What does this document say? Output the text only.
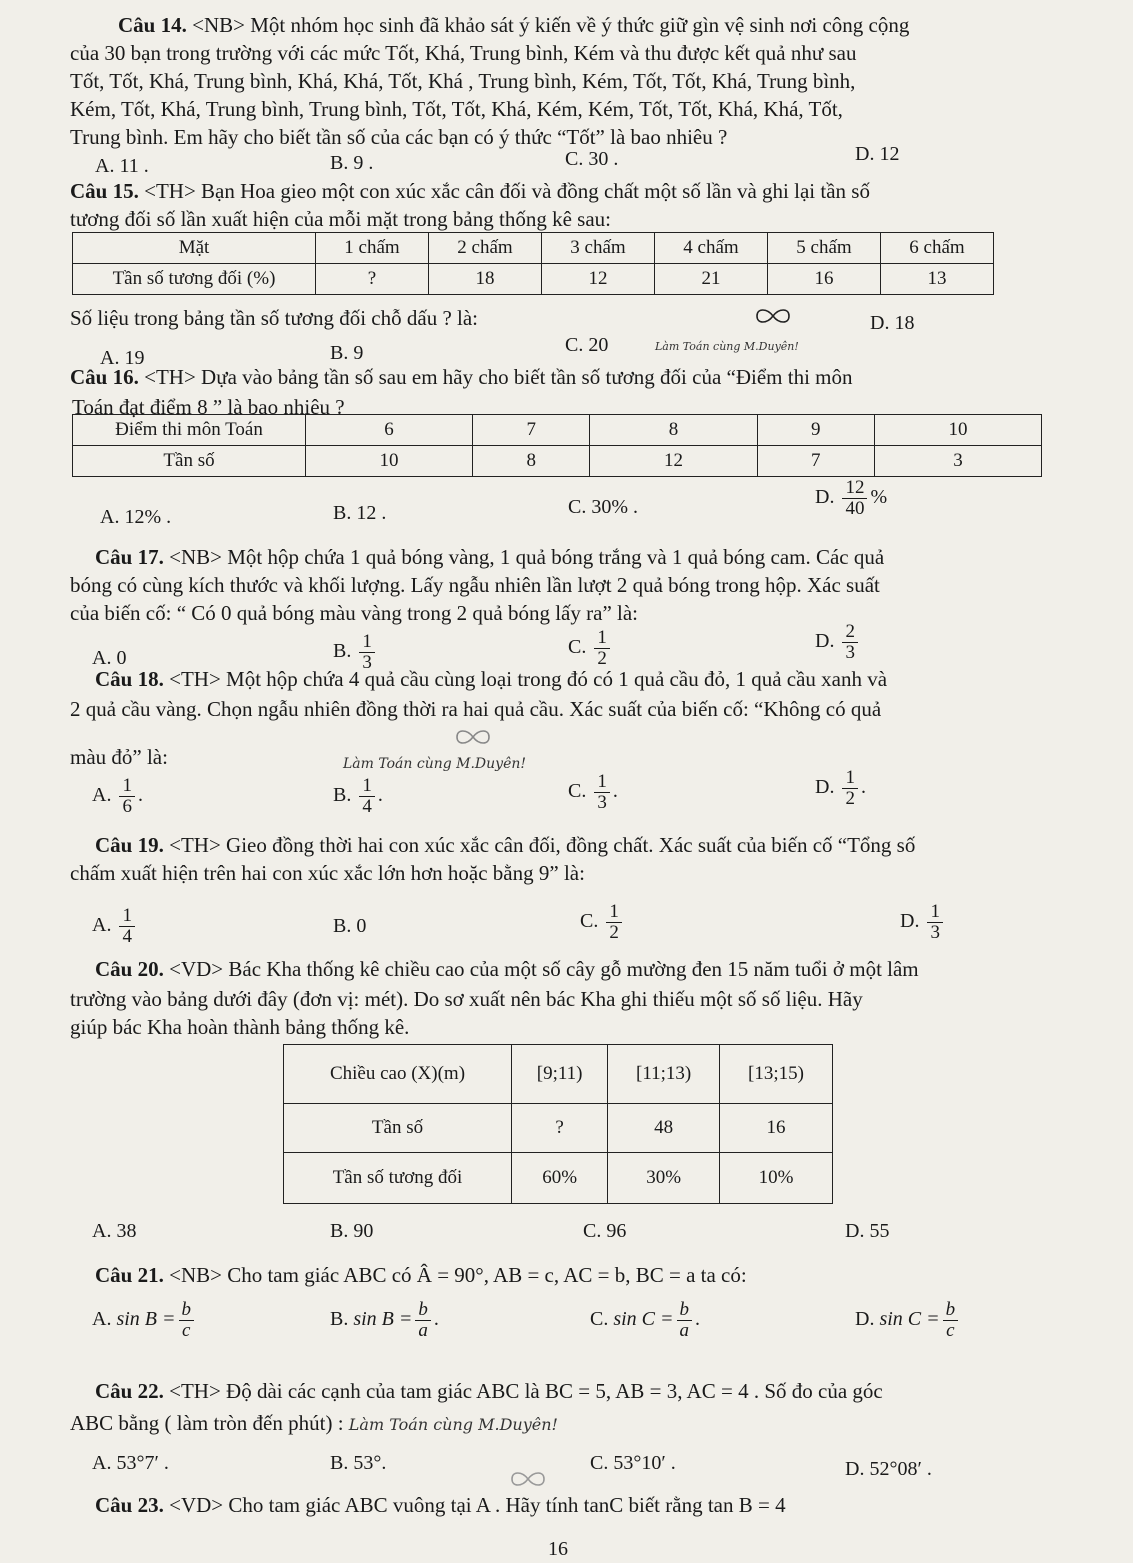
Câu 14. <NB> Một nhóm học sinh đã khảo sát ý kiến về ý thức giữ gìn vệ sinh nơi công cộng
của 30 bạn trong trường với các mức Tốt, Khá, Trung bình, Kém và thu được kết quả như sau
Tốt, Tốt, Khá, Trung bình, Khá, Khá, Tốt, Khá , Trung bình, Kém, Tốt, Tốt, Khá, Trung bình,
Kém, Tốt, Khá, Trung bình, Trung bình, Tốt, Tốt, Khá, Kém, Kém, Tốt, Tốt, Khá, Khá, Tốt,
Trung bình. Em hãy cho biết tần số của các bạn có ý thức “Tốt” là bao nhiêu ?
A. 11 .	B. 9 .	C. 30 .	D. 12
Câu 15. <TH> Bạn Hoa gieo một con xúc xắc cân đối và đồng chất một số lần và ghi lại tần số
tương đối số lần xuất hiện của mỗi mặt trong bảng thống kê sau:
Mặt	1 chấm	2 chấm	3 chấm	4 chấm	5 chấm	6 chấm
Tần số tương đối (%)	?	18	12	21	16	13
Số liệu trong bảng tần số tương đối chỗ dấu ? là:
A. 19	B. 9	C. 20
D. 18
Làm Toán cùng M.Duyên!
Câu 16. <TH> Dựa vào bảng tần số sau em hãy cho biết tần số tương đối của “Điểm thi môn
Toán đạt điểm 8 ” là bao nhiêu ?
Điểm thi môn Toán	6	7	8	9	10
Tần số	10	8	12	7	3
A. 12% .	B. 12 .	C. 30% .	D. $\frac{12}{40}$ %
Câu 17. <NB> Một hộp chứa 1 quả bóng vàng, 1 quả bóng trắng và 1 quả bóng cam. Các quả
bóng có cùng kích thước và khối lượng. Lấy ngẫu nhiên lần lượt 2 quả bóng trong hộp. Xác suất
của biến cố: “ Có 0 quả bóng màu vàng trong 2 quả bóng lấy ra” là:
A. 0	B. $\frac{1}{3}$	C. $\frac{1}{2}$	D. $\frac{2}{3}$
Câu 18. <TH> Một hộp chứa 4 quả cầu cùng loại trong đó có 1 quả cầu đỏ, 1 quả cầu xanh và
2 quả cầu vàng. Chọn ngẫu nhiên đồng thời ra hai quả cầu. Xác suất của biến cố: “Không có quả
màu đỏ” là:	Làm Toán cùng M.Duyên!
A. $\frac{1}{6}$ .	B. $\frac{1}{4}$ .	C. $\frac{1}{3}$ .	D. $\frac{1}{2}$ .
Câu 19. <TH> Gieo đồng thời hai con xúc xắc cân đối, đồng chất. Xác suất của biến cố “Tổng số
chấm xuất hiện trên hai con xúc xắc lớn hơn hoặc bằng 9” là:
A. $\frac{1}{4}$	B. 0	C. $\frac{1}{2}$	D. $\frac{1}{3}$
Câu 20. <VD> Bác Kha thống kê chiều cao của một số cây gỗ mường đen 15 năm tuổi ở một lâm
trường vào bảng dưới đây (đơn vị: mét). Do sơ xuất nên bác Kha ghi thiếu một số số liệu. Hãy
giúp bác Kha hoàn thành bảng thống kê.
Chiều cao (X)(m)	[9;11)	[11;13)	[13;15)
Tần số	?	48	16
Tần số tương đối	60%	30%	10%
A. 38	B. 90	C. 96	D. 55
Câu 21. <NB> Cho tam giác ABC có Â = 90°, AB = c, AC = b, BC = a ta có:
A. $\sin B = \frac{b}{c}$	B. $\sin B = \frac{b}{a}$ .	C. $\sin C = \frac{b}{a}$ .	D. $\sin C = \frac{b}{c}$
Câu 22. <TH> Độ dài các cạnh của tam giác ABC là BC = 5, AB = 3, AC = 4 . Số đo của góc
ABC bằng ( làm tròn đến phút) : Làm Toán cùng M.Duyên!
A. 53°7′ .	B. 53°.	C. 53°10′ .	D. 52°08′ .
Câu 23. <VD> Cho tam giác ABC vuông tại A . Hãy tính tanC biết rằng tan B = 4
16
